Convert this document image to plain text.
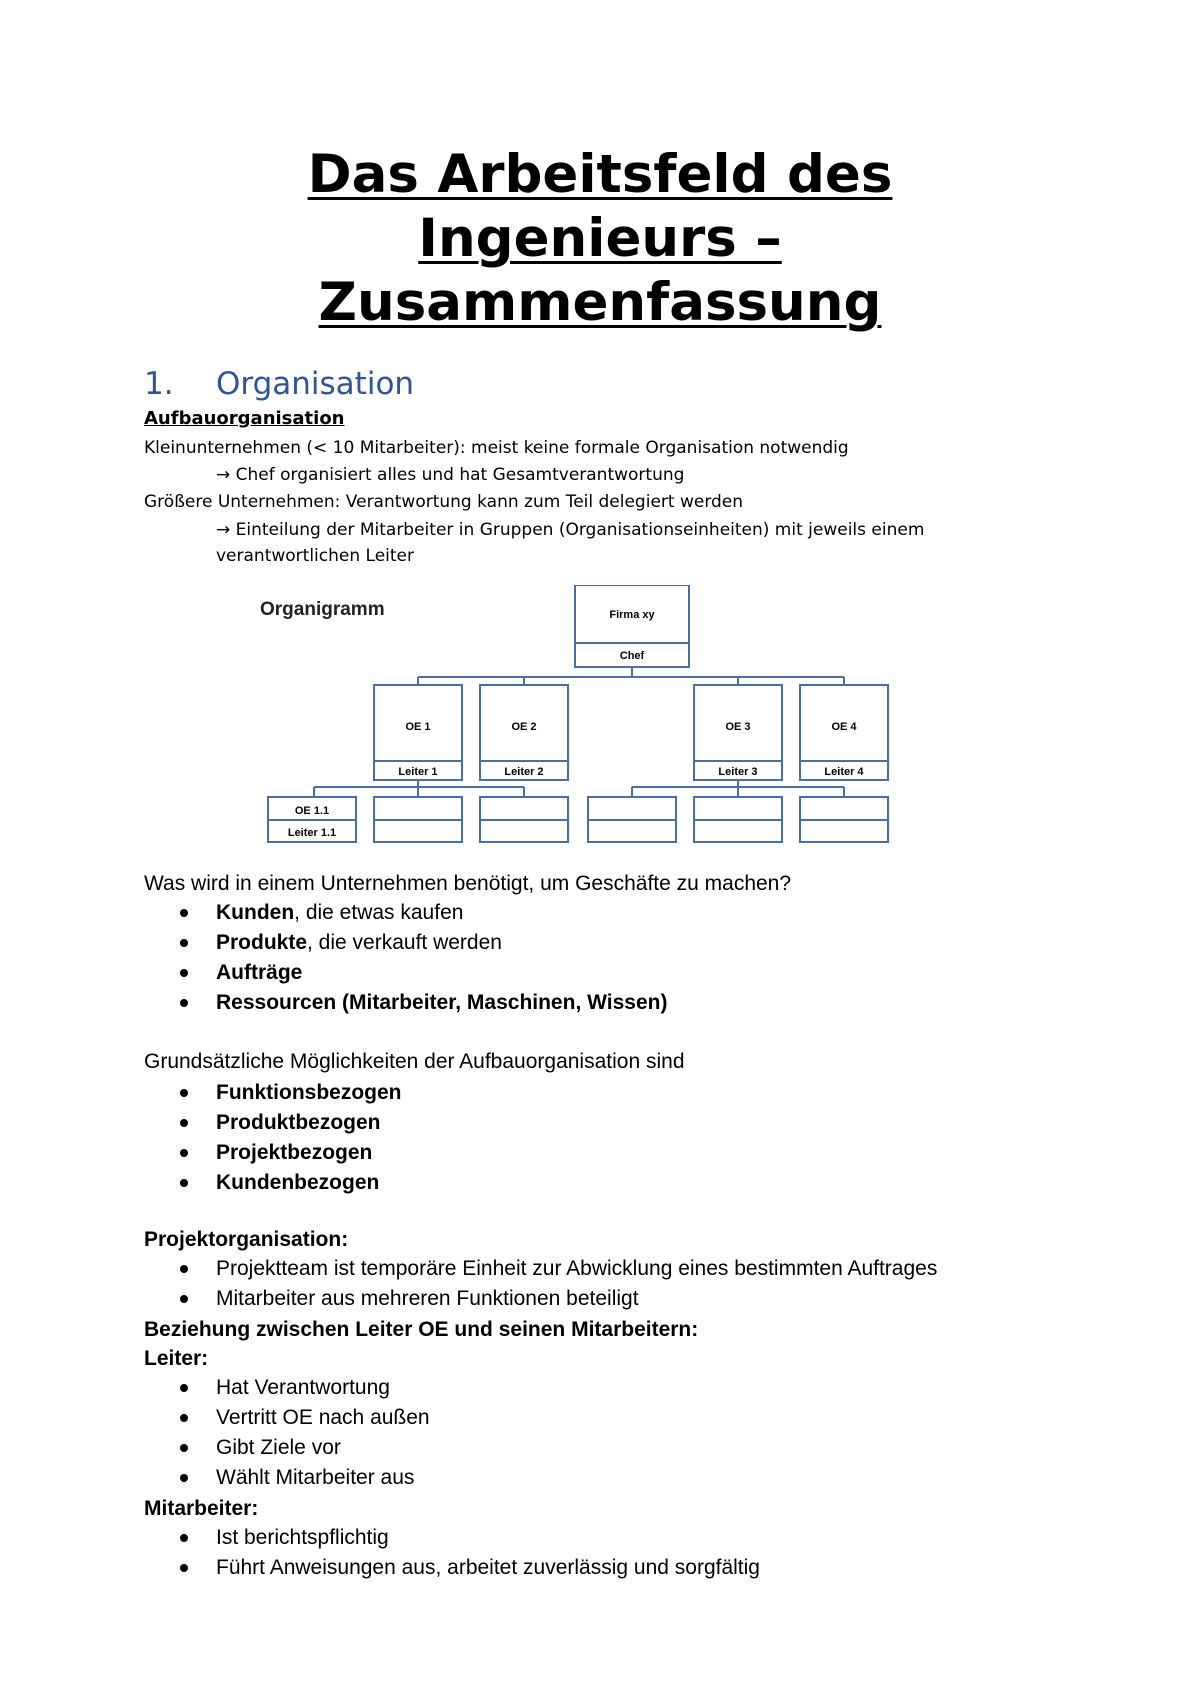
Das Arbeitsfeld des
Ingenieurs –
Zusammenfassung
1. Organisation

Aufbauorganisation

Kleinunternehmen (< 10 Mitarbeiter): meist keine formale Organisation notwendig

→ Chef organisiert alles und hat Gesamtverantwortung

Größere Unternehmen: Verantwortung kann zum Teil delegiert werden

→ Einteilung der Mitarbeiter in Gruppen (Organisationseinheiten) mit jeweils einem

verantwortlichen Leiter

Organigramm	Firma xy
Chef
OE 1
Leiter 1
OE 2
Leiter 2
OE 3
Leiter 3
OE 4
Leiter 4
OE 1.1
Leiter 1.1

Was wird in einem Unternehmen benötigt, um Geschäfte zu machen?

Kunden, die etwas kaufen
Produkte, die verkauft werden
Aufträge
Ressourcen (Mitarbeiter, Maschinen, Wissen)

Grundsätzliche Möglichkeiten der Aufbauorganisation sind

Funktionsbezogen
Produktbezogen
Projektbezogen
Kundenbezogen

Projektorganisation:

Projektteam ist temporäre Einheit zur Abwicklung eines bestimmten Auftrages
Mitarbeiter aus mehreren Funktionen beteiligt

Beziehung zwischen Leiter OE und seinen Mitarbeitern:

Leiter:

Hat Verantwortung
Vertritt OE nach außen
Gibt Ziele vor
Wählt Mitarbeiter aus

Mitarbeiter:

Ist berichtspflichtig
Führt Anweisungen aus, arbeitet zuverlässig und sorgfältig
